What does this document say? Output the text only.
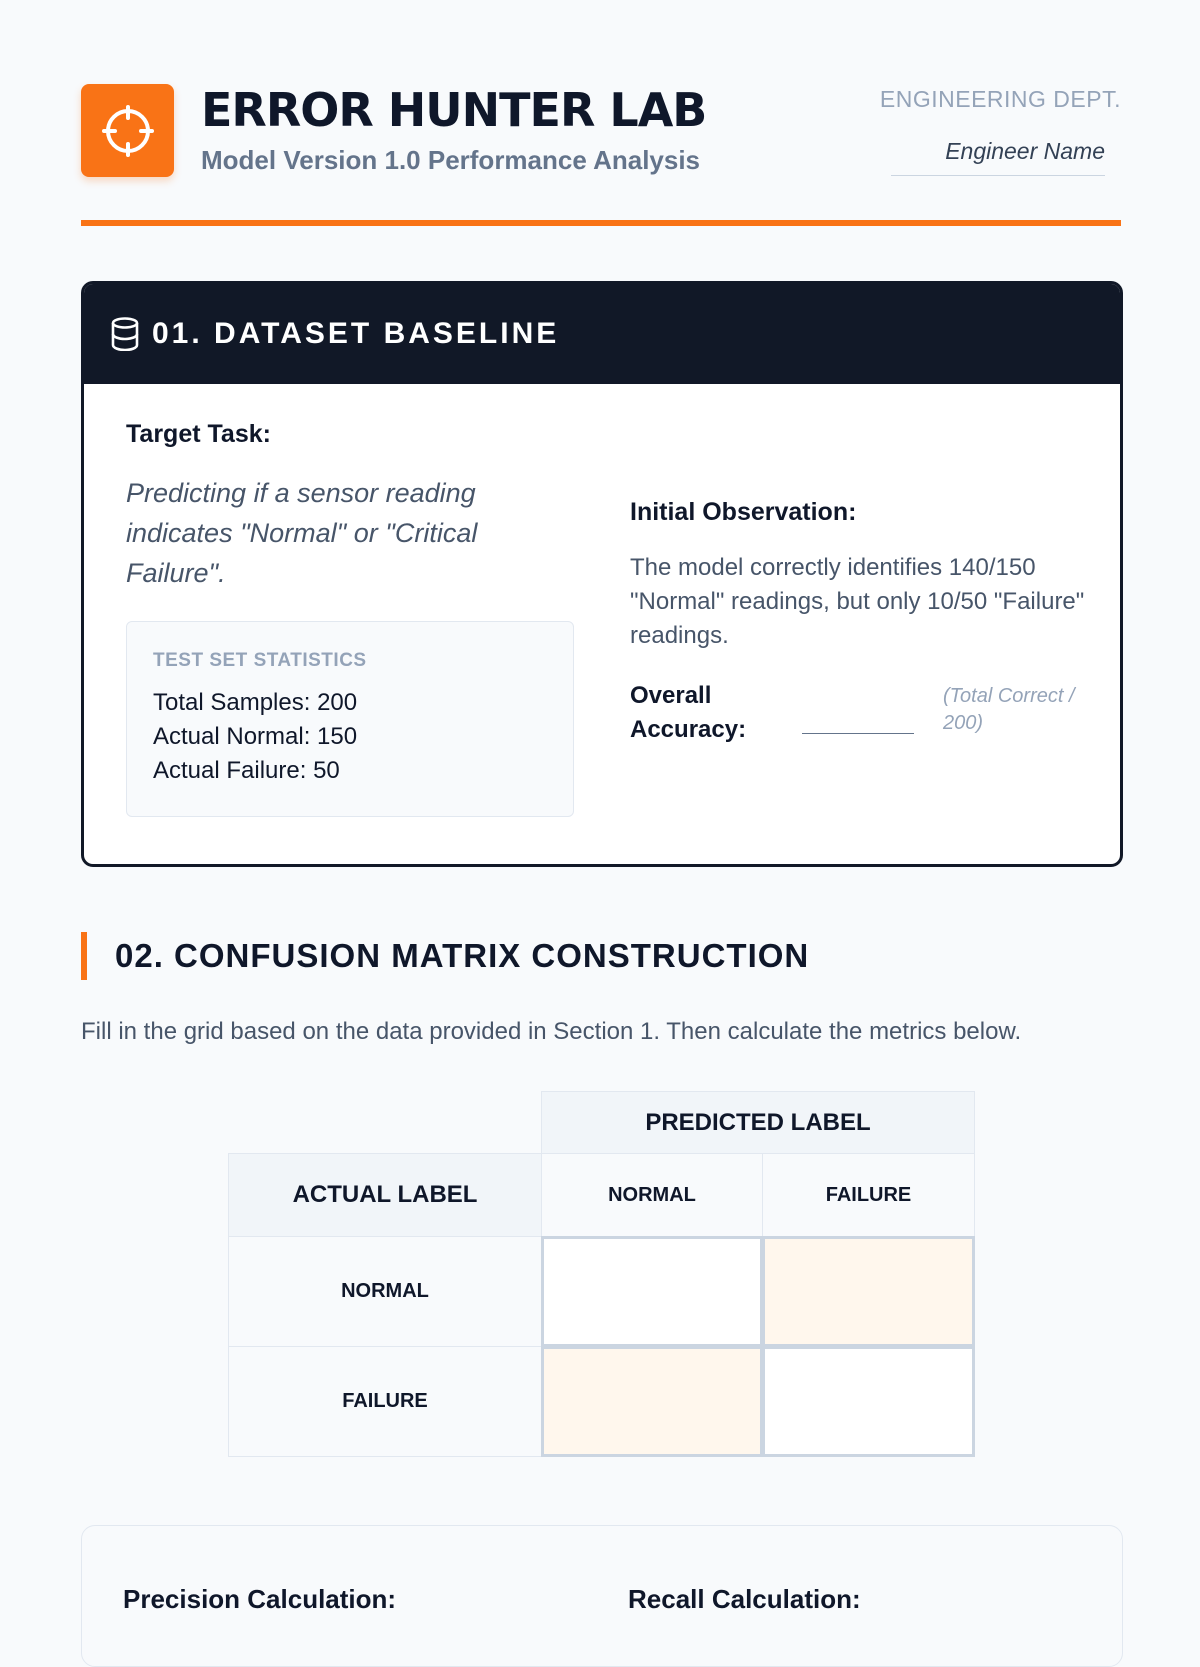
ERROR HUNTER LAB
Model Version 1.0 Performance Analysis
ENGINEERING DEPT.
Engineer Name
01. DATASET BASELINE
Target Task:
Predicting if a sensor reading indicates "Normal" or "Critical Failure".
TEST SET STATISTICS
Total Samples: 200
Actual Normal: 150
Actual Failure: 50
Initial Observation:
The model correctly identifies 140/150 "Normal" readings, but only 10/50 "Failure" readings.
Overall Accuracy:
(Total Correct / 200)
02. CONFUSION MATRIX CONSTRUCTION
Fill in the grid based on the data provided in Section 1. Then calculate the metrics below.
PREDICTED LABEL
ACTUAL LABEL	NORMAL	FAILURE
NORMAL
FAILURE
Precision Calculation:	Recall Calculation:
